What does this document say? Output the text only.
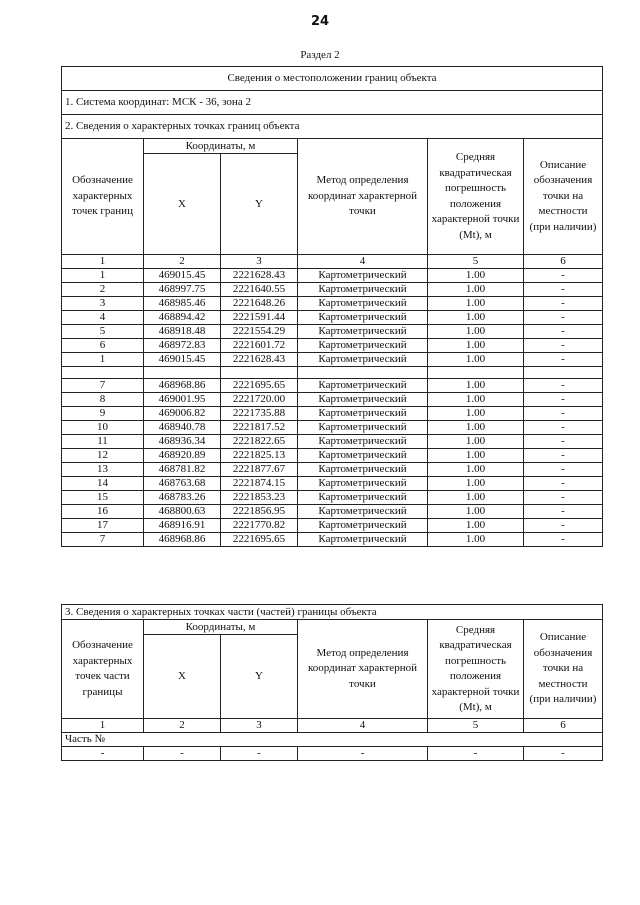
24
Раздел 2
Сведения о местоположении границ объекта					
1. Система координат: МСК - 36, зона 2					
2. Сведения о характерных точках границ объекта					
Обозначение характерных точек границ	Координаты, м		Метод определения координат характерной точки	Средняя квадратическая погрешность положения характерной точки (Mt), м	Описание обозначения точки на местности (при наличии)
	X	Y			
1	2	3	4	5	6
1	469015.45	2221628.43	Картометрический	1.00	-
2	468997.75	2221640.55	Картометрический	1.00	-
3	468985.46	2221648.26	Картометрический	1.00	-
4	468894.42	2221591.44	Картометрический	1.00	-
5	468918.48	2221554.29	Картометрический	1.00	-
6	468972.83	2221601.72	Картометрический	1.00	-
1	469015.45	2221628.43	Картометрический	1.00	-

7	468968.86	2221695.65	Картометрический	1.00	-
8	469001.95	2221720.00	Картометрический	1.00	-
9	469006.82	2221735.88	Картометрический	1.00	-
10	468940.78	2221817.52	Картометрический	1.00	-
11	468936.34	2221822.65	Картометрический	1.00	-
12	468920.89	2221825.13	Картометрический	1.00	-
13	468781.82	2221877.67	Картометрический	1.00	-
14	468763.68	2221874.15	Картометрический	1.00	-
15	468783.26	2221853.23	Картометрический	1.00	-
16	468800.63	2221856.95	Картометрический	1.00	-
17	468916.91	2221770.82	Картометрический	1.00	-
7	468968.86	2221695.65	Картометрический	1.00	-
3. Сведения о характерных точках части (частей) границы объекта					
Обозначение характерных точек части границы	Координаты, м		Метод определения координат характерной точки	Средняя квадратическая погрешность положения характерной точки (Mt), м	Описание обозначения точки на местности (при наличии)
	X	Y			
1	2	3	4	5	6
Часть №					
-	-	-	-	-	-
